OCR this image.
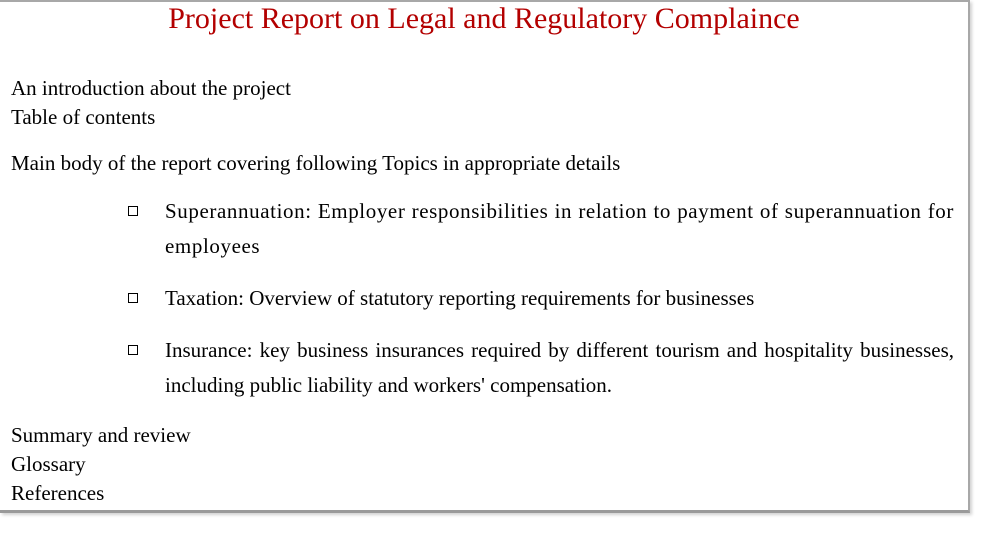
Project Report on Legal and Regulatory Complaince
An introduction about the project
Table of contents
Main body of the report covering following Topics in appropriate details
Superannuation: Employer responsibilities in relation to payment of superannuation for employees
Taxation: Overview of statutory reporting requirements for businesses
Insurance: key business insurances required by different tourism and hospitality businesses, including public liability and workers' compensation.
Summary and review
Glossary
References
